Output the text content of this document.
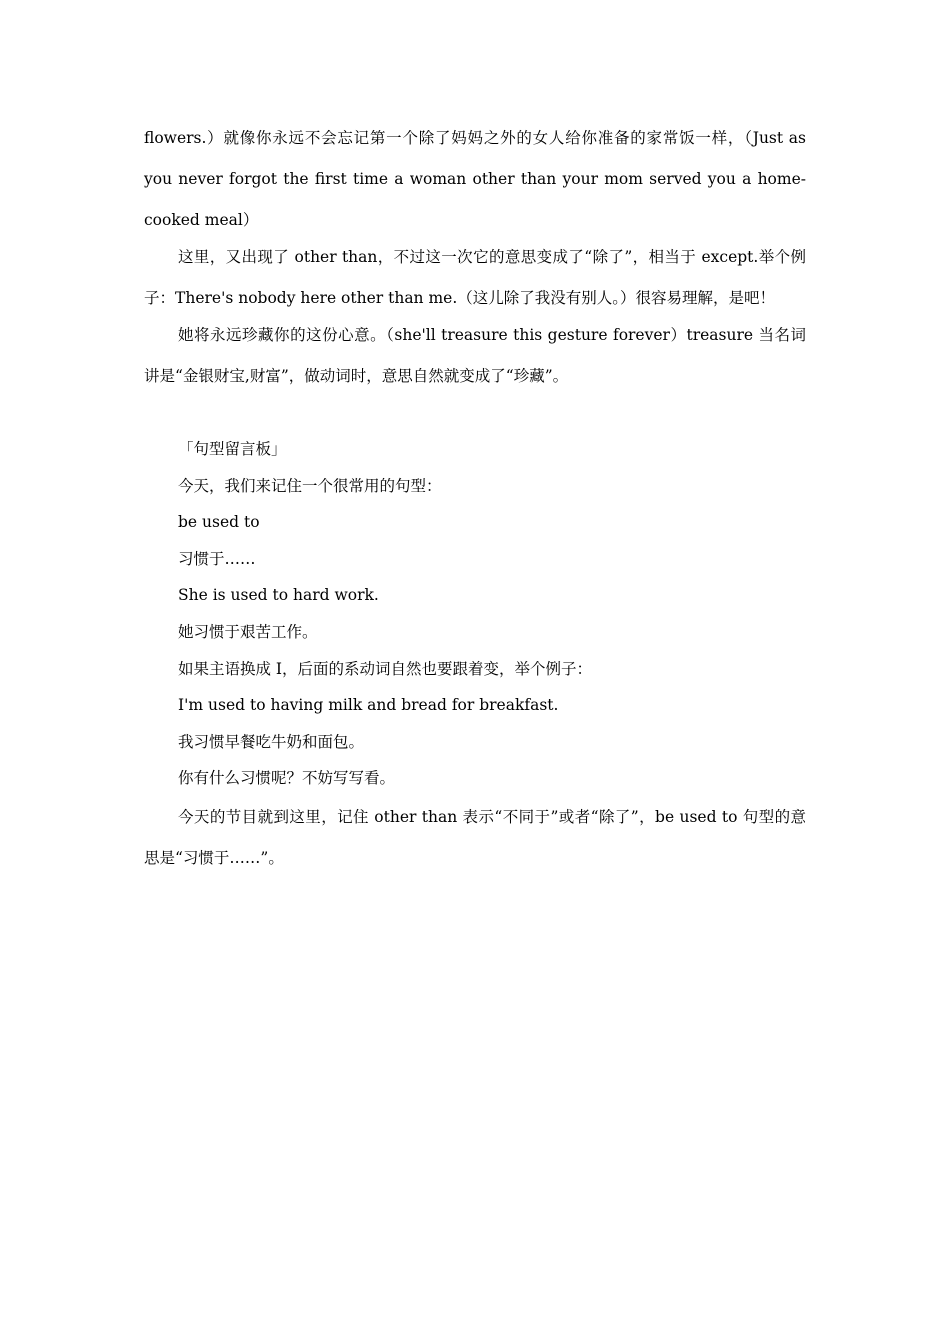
flowers.）就像你永远不会忘记第一个除了妈妈之外的女人给你准备的家常饭一样，（Just as you never forgot the first time a woman other than your mom served you a home-cooked meal）

这里，又出现了 other than，不过这一次它的意思变成了“除了”，相当于 except.举个例子：There's nobody here other than me.（这儿除了我没有别人。）很容易理解，是吧！

她将永远珍藏你的这份心意。（she'll treasure this gesture forever）treasure 当名词讲是“金银财宝,财富”，做动词时，意思自然就变成了“珍藏”。

「句型留言板」

今天，我们来记住一个很常用的句型：

be used to

习惯于……

She is used to hard work.

她习惯于艰苦工作。

如果主语换成 I，后面的系动词自然也要跟着变，举个例子：

I'm used to having milk and bread for breakfast.

我习惯早餐吃牛奶和面包。

你有什么习惯呢？不妨写写看。

今天的节目就到这里，记住 other than 表示“不同于”或者“除了”，be used to 句型的意思是“习惯于……”。
